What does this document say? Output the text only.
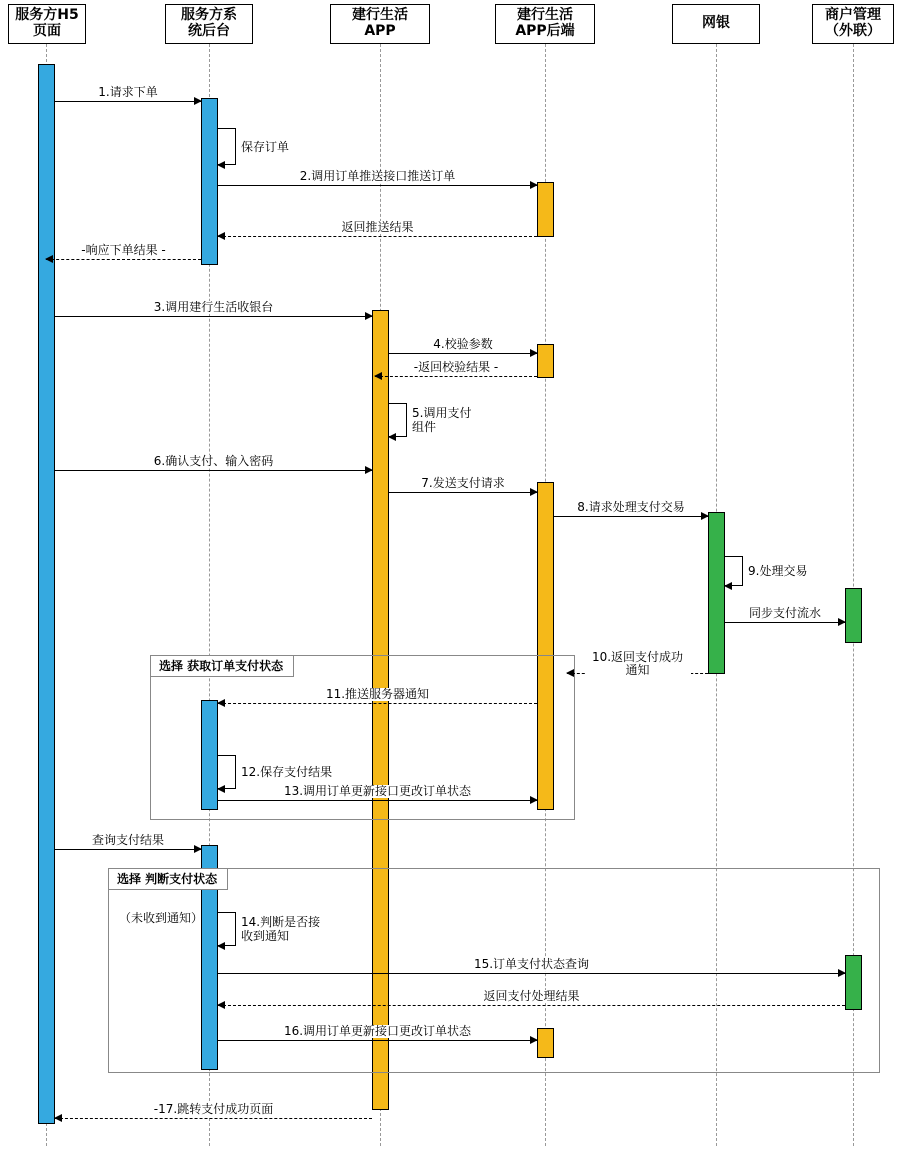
服务方H5
页面
服务方系
统后台
建行生活
APP
建行生活
APP后端	网银	商户管理
（外联）
选择 获取订单支付状态
选择 判断支付状态
（未收到通知）
1.请求下单
保存订单
2.调用订单推送接口推送订单
返回推送结果
-响应下单结果 -
3.调用建行生活收银台
4.校验参数
-返回校验结果 -
5.调用支付组件
6.确认支付、输入密码
7.发送支付请求
8.请求处理支付交易
9.处理交易
同步支付流水
10.返回支付成功通知
11.推送服务器通知
12.保存支付结果
13.调用订单更新接口更改订单状态
查询支付结果
14.判断是否接收到通知
15.订单支付状态查询
返回支付处理结果
16.调用订单更新接口更改订单状态
-17.跳转支付成功页面
